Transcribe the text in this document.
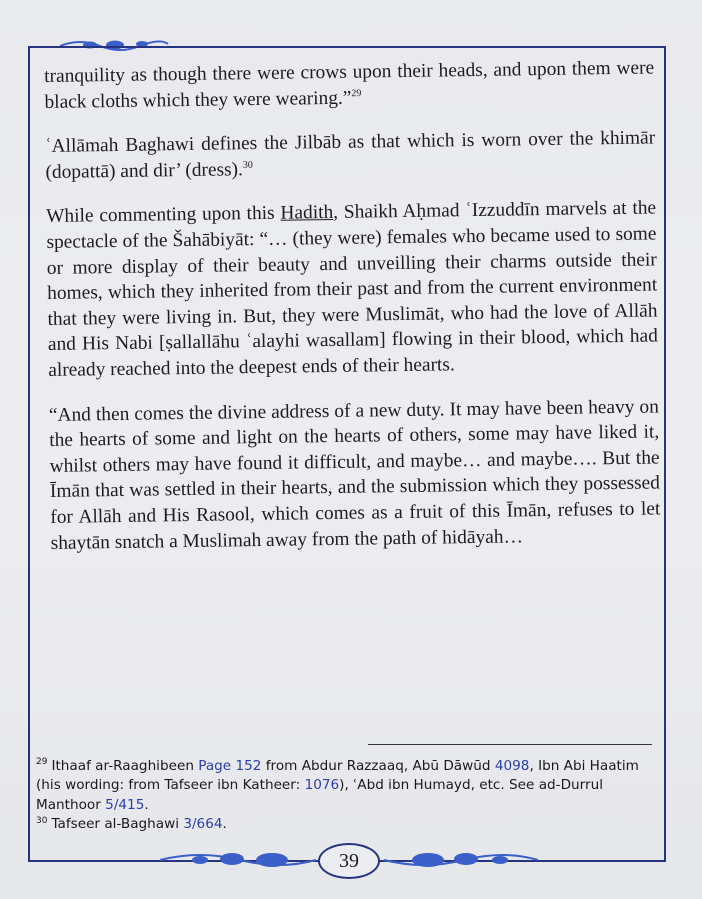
tranquility as though there were crows upon their heads, and upon them were black cloths which they were wearing.”$^{29}$

ʿAllāmah Baghawi defines the Jilbāb as that which is worn over the khimār (dopattā) and dir’ (dress).$^{30}$

While commenting upon this Hadith, Shaikh Aḥmad ʿIzzuddīn marvels at the spectacle of the Šahābiyāt: “… (they were) females who became used to some or more display of their beauty and unveilling their charms outside their homes, which they inherited from their past and from the current environment that they were living in. But, they were Muslimāt, who had the love of Allāh and His Nabi [ṣallallāhu ʿalayhi wasallam] flowing in their blood, which had already reached into the deepest ends of their hearts.

“And then comes the divine address of a new duty. It may have been heavy on the hearts of some and light on the hearts of others, some may have liked it, whilst others may have found it difficult, and maybe… and maybe…. But the Īmān that was settled in their hearts, and the submission which they possessed for Allāh and His Rasool, which comes as a fruit of this Īmān, refuses to let shaytān snatch a Muslimah away from the path of hidāyah…

$^{29}$ Ithaaf ar-Raaghibeen Page 152 from Abdur Razzaaq, Abū Dāwūd 4098, Ibn Abi Haatim (his wording: from Tafseer ibn Katheer: 1076), ʿAbd ibn Humayd, etc. See ad-Durrul Manthoor 5/415.

$^{30}$ Tafseer al-Baghawi 3/664.

39
